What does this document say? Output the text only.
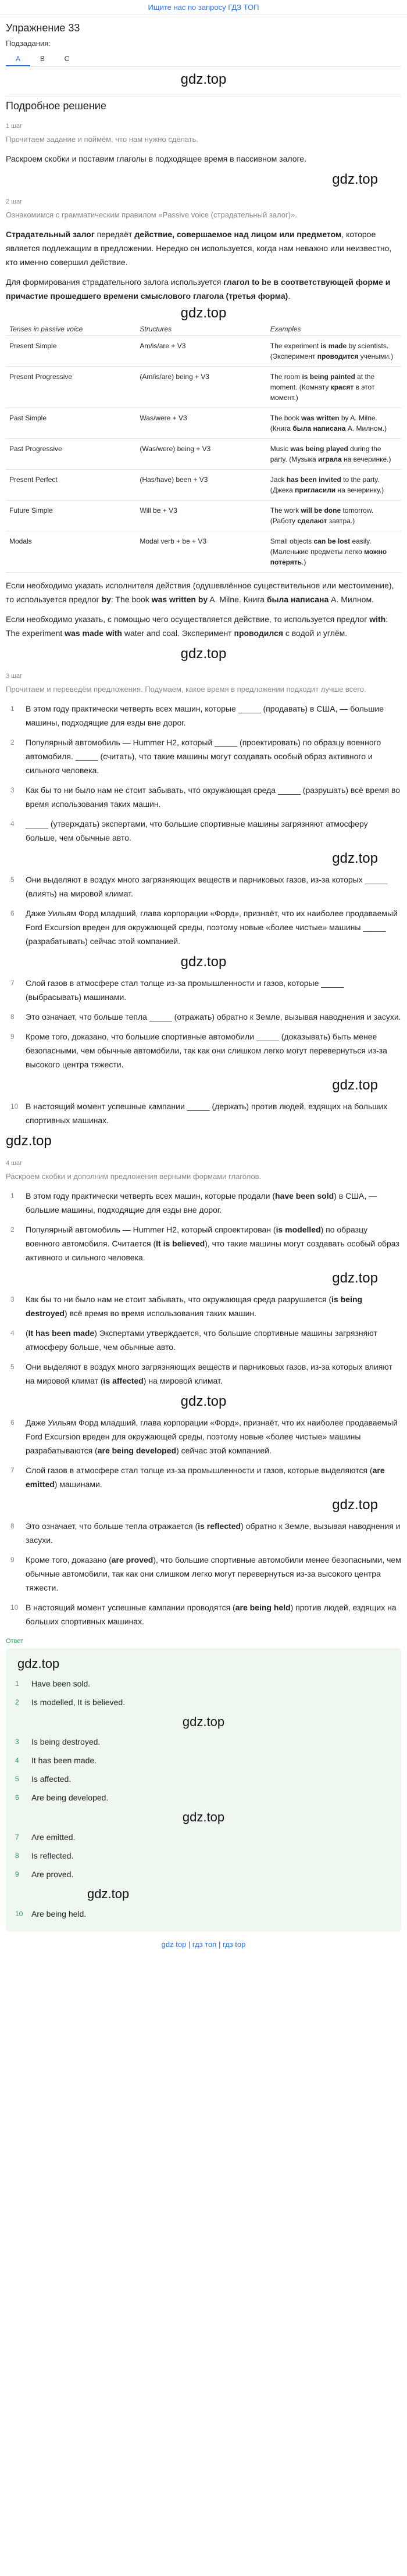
Ищите нас по запросу ГДЗ ТОП
Упражнение 33
Подзадания:
A	B	C
gdz.top
Подробное решение
1 шаг
Прочитаем задание и поймём, что нам нужно сделать.

Раскроем скобки и поставим глаголы в подходящее время в пассивном залоге.

gdz.top
2 шаг
Ознакомимся с грамматическим правилом «Passive voice (страдательный залог)».

Страдательный залог передаёт действие, совершаемое над лицом или предметом, которое является подлежащим в предложении. Нередко он используется, когда нам неважно или неизвестно, кто именно совершил действие.

Для формирования страдательного залога используется глагол to be в соответствующей форме и причастие прошедшего времени смыслового глагола (третья форма).

gdz.top
Tenses in passive voice	Structures	Examples
Present Simple	Am/is/are + V3	The experiment is made by scientists. (Эксперимент проводится учеными.)
Present Progressive	(Am/is/are) being + V3	The room is being painted at the moment. (Комнату красят в этот момент.)
Past Simple	Was/were + V3	The book was written by A. Milne. (Книга была написана А. Милном.)
Past Progressive	(Was/were) being + V3	Music was being played during the party. (Музыка играла на вечеринке.)
Present Perfect	(Has/have) been + V3	Jack has been invited to the party. (Джека пригласили на вечеринку.)
Future Simple	Will be + V3	The work will be done tomorrow. (Работу сделают завтра.)
Modals	Modal verb + be + V3	Small objects can be lost easily. (Маленькие предметы легко можно потерять.)

Если необходимо указать исполнителя действия (одушевлённое существительное или местоимение), то используется предлог by: The book was written by A. Milne. Книга была написана А. Милном.

Если необходимо указать, с помощью чего осуществляется действие, то используется предлог with: The experiment was made with water and coal. Эксперимент проводился с водой и углём.

gdz.top
3 шаг
Прочитаем и переведём предложения. Подумаем, какое время в предложении подходит лучше всего.
1 В этом году практически четверть всех машин, которые _____ (продавать) в США, — большие машины, подходящие для езды вне дорог.
2 Популярный автомобиль — Hummer H2, который _____ (проектировать) по образцу военного автомобиля. _____ (считать), что такие машины могут создавать особый образ активного и сильного человека.
3 Как бы то ни было нам не стоит забывать, что окружающая среда _____ (разрушать) всё время во время использования таких машин.
4 _____ (утверждать) экспертами, что большие спортивные машины загрязняют атмосферу больше, чем обычные авто.
gdz.top
5 Они выделяют в воздух много загрязняющих веществ и парниковых газов, из-за которых _____ (влиять) на мировой климат.
6 Даже Уильям Форд младший, глава корпорации «Форд», признаёт, что их наиболее продаваемый Ford Excursion вреден для окружающей среды, поэтому новые «более чистые» машины _____ (разрабатывать) сейчас этой компанией.
gdz.top
7 Слой газов в атмосфере стал толще из-за промышленности и газов, которые _____ (выбрасывать) машинами.
8 Это означает, что больше тепла _____ (отражать) обратно к Земле, вызывая наводнения и засухи.
9 Кроме того, доказано, что большие спортивные автомобили _____ (доказывать) быть менее безопасными, чем обычные автомобили, так как они слишком легко могут перевернуться из-за высокого центра тяжести.
gdz.top
10 В настоящий момент успешные кампании _____ (держать) против людей, ездящих на больших спортивных машинах.
gdz.top
4 шаг
Раскроем скобки и дополним предложения верными формами глаголов.
1 В этом году практически четверть всех машин, которые продали (have been sold) в США, — большие машины, подходящие для езды вне дорог.
2 Популярный автомобиль — Hummer H2, который спроектирован (is modelled) по образцу военного автомобиля. Считается (It is believed), что такие машины могут создавать особый образ активного и сильного человека.
gdz.top
3 Как бы то ни было нам не стоит забывать, что окружающая среда разрушается (is being destroyed) всё время во время использования таких машин.
4 (It has been made) Экспертами утверждается, что большие спортивные машины загрязняют атмосферу больше, чем обычные авто.
5 Они выделяют в воздух много загрязняющих веществ и парниковых газов, из-за которых влияют на мировой климат (is affected) на мировой климат.
gdz.top
6 Даже Уильям Форд младший, глава корпорации «Форд», признаёт, что их наиболее продаваемый Ford Excursion вреден для окружающей среды, поэтому новые «более чистые» машины разрабатываются (are being developed) сейчас этой компанией.
7 Слой газов в атмосфере стал толще из-за промышленности и газов, которые выделяются (are emitted) машинами.
gdz.top
8 Это означает, что больше тепла отражается (is reflected) обратно к Земле, вызывая наводнения и засухи.
9 Кроме того, доказано (are proved), что большие спортивные автомобили менее безопасными, чем обычные автомобили, так как они слишком легко могут перевернуться из-за высокого центра тяжести.
10 В настоящий момент успешные кампании проводятся (are being held) против людей, ездящих на больших спортивных машинах.
Ответ
gdz.top
1 Have been sold.
2 Is modelled, It is believed.
gdz.top
3 Is being destroyed.
4 It has been made.
5 Is affected.
6 Are being developed.
gdz.top
7 Are emitted.
8 Is reflected.
9 Are proved.
gdz.top
10 Are being held.
gdz top | гдз топ | гдз top
